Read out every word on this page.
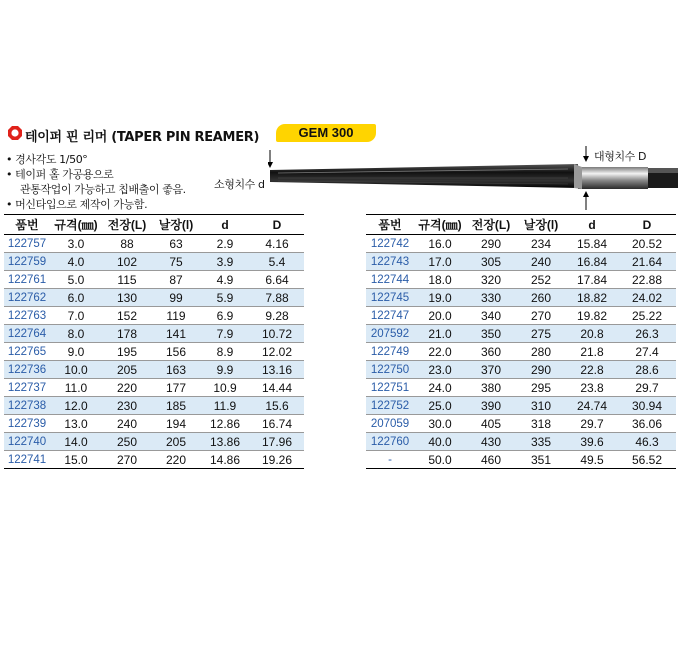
테이퍼 핀 리머 (TAPER PIN REAMER)	GEM 300
• 경사각도 1/50°
• 테이퍼 홀 가공용으로
관통작업이 가능하고 칩배출이 좋음.
• 머신타입으로 제작이 가능함.
소형치수 d
대형치수 D
품번	규격(㎜)	전장(L)	날장(l)	d	D
122757	3.0	88	63	2.9	4.16
122759	4.0	102	75	3.9	5.4
122761	5.0	115	87	4.9	6.64
122762	6.0	130	99	5.9	7.88
122763	7.0	152	119	6.9	9.28
122764	8.0	178	141	7.9	10.72
122765	9.0	195	156	8.9	12.02
122736	10.0	205	163	9.9	13.16
122737	11.0	220	177	10.9	14.44
122738	12.0	230	185	11.9	15.6
122739	13.0	240	194	12.86	16.74
122740	14.0	250	205	13.86	17.96
122741	15.0	270	220	14.86	19.26
품번	규격(㎜)	전장(L)	날장(l)	d	D
122742	16.0	290	234	15.84	20.52
122743	17.0	305	240	16.84	21.64
122744	18.0	320	252	17.84	22.88
122745	19.0	330	260	18.82	24.02
122747	20.0	340	270	19.82	25.22
207592	21.0	350	275	20.8	26.3
122749	22.0	360	280	21.8	27.4
122750	23.0	370	290	22.8	28.6
122751	24.0	380	295	23.8	29.7
122752	25.0	390	310	24.74	30.94
207059	30.0	405	318	29.7	36.06
122760	40.0	430	335	39.6	46.3
-	50.0	460	351	49.5	56.52
